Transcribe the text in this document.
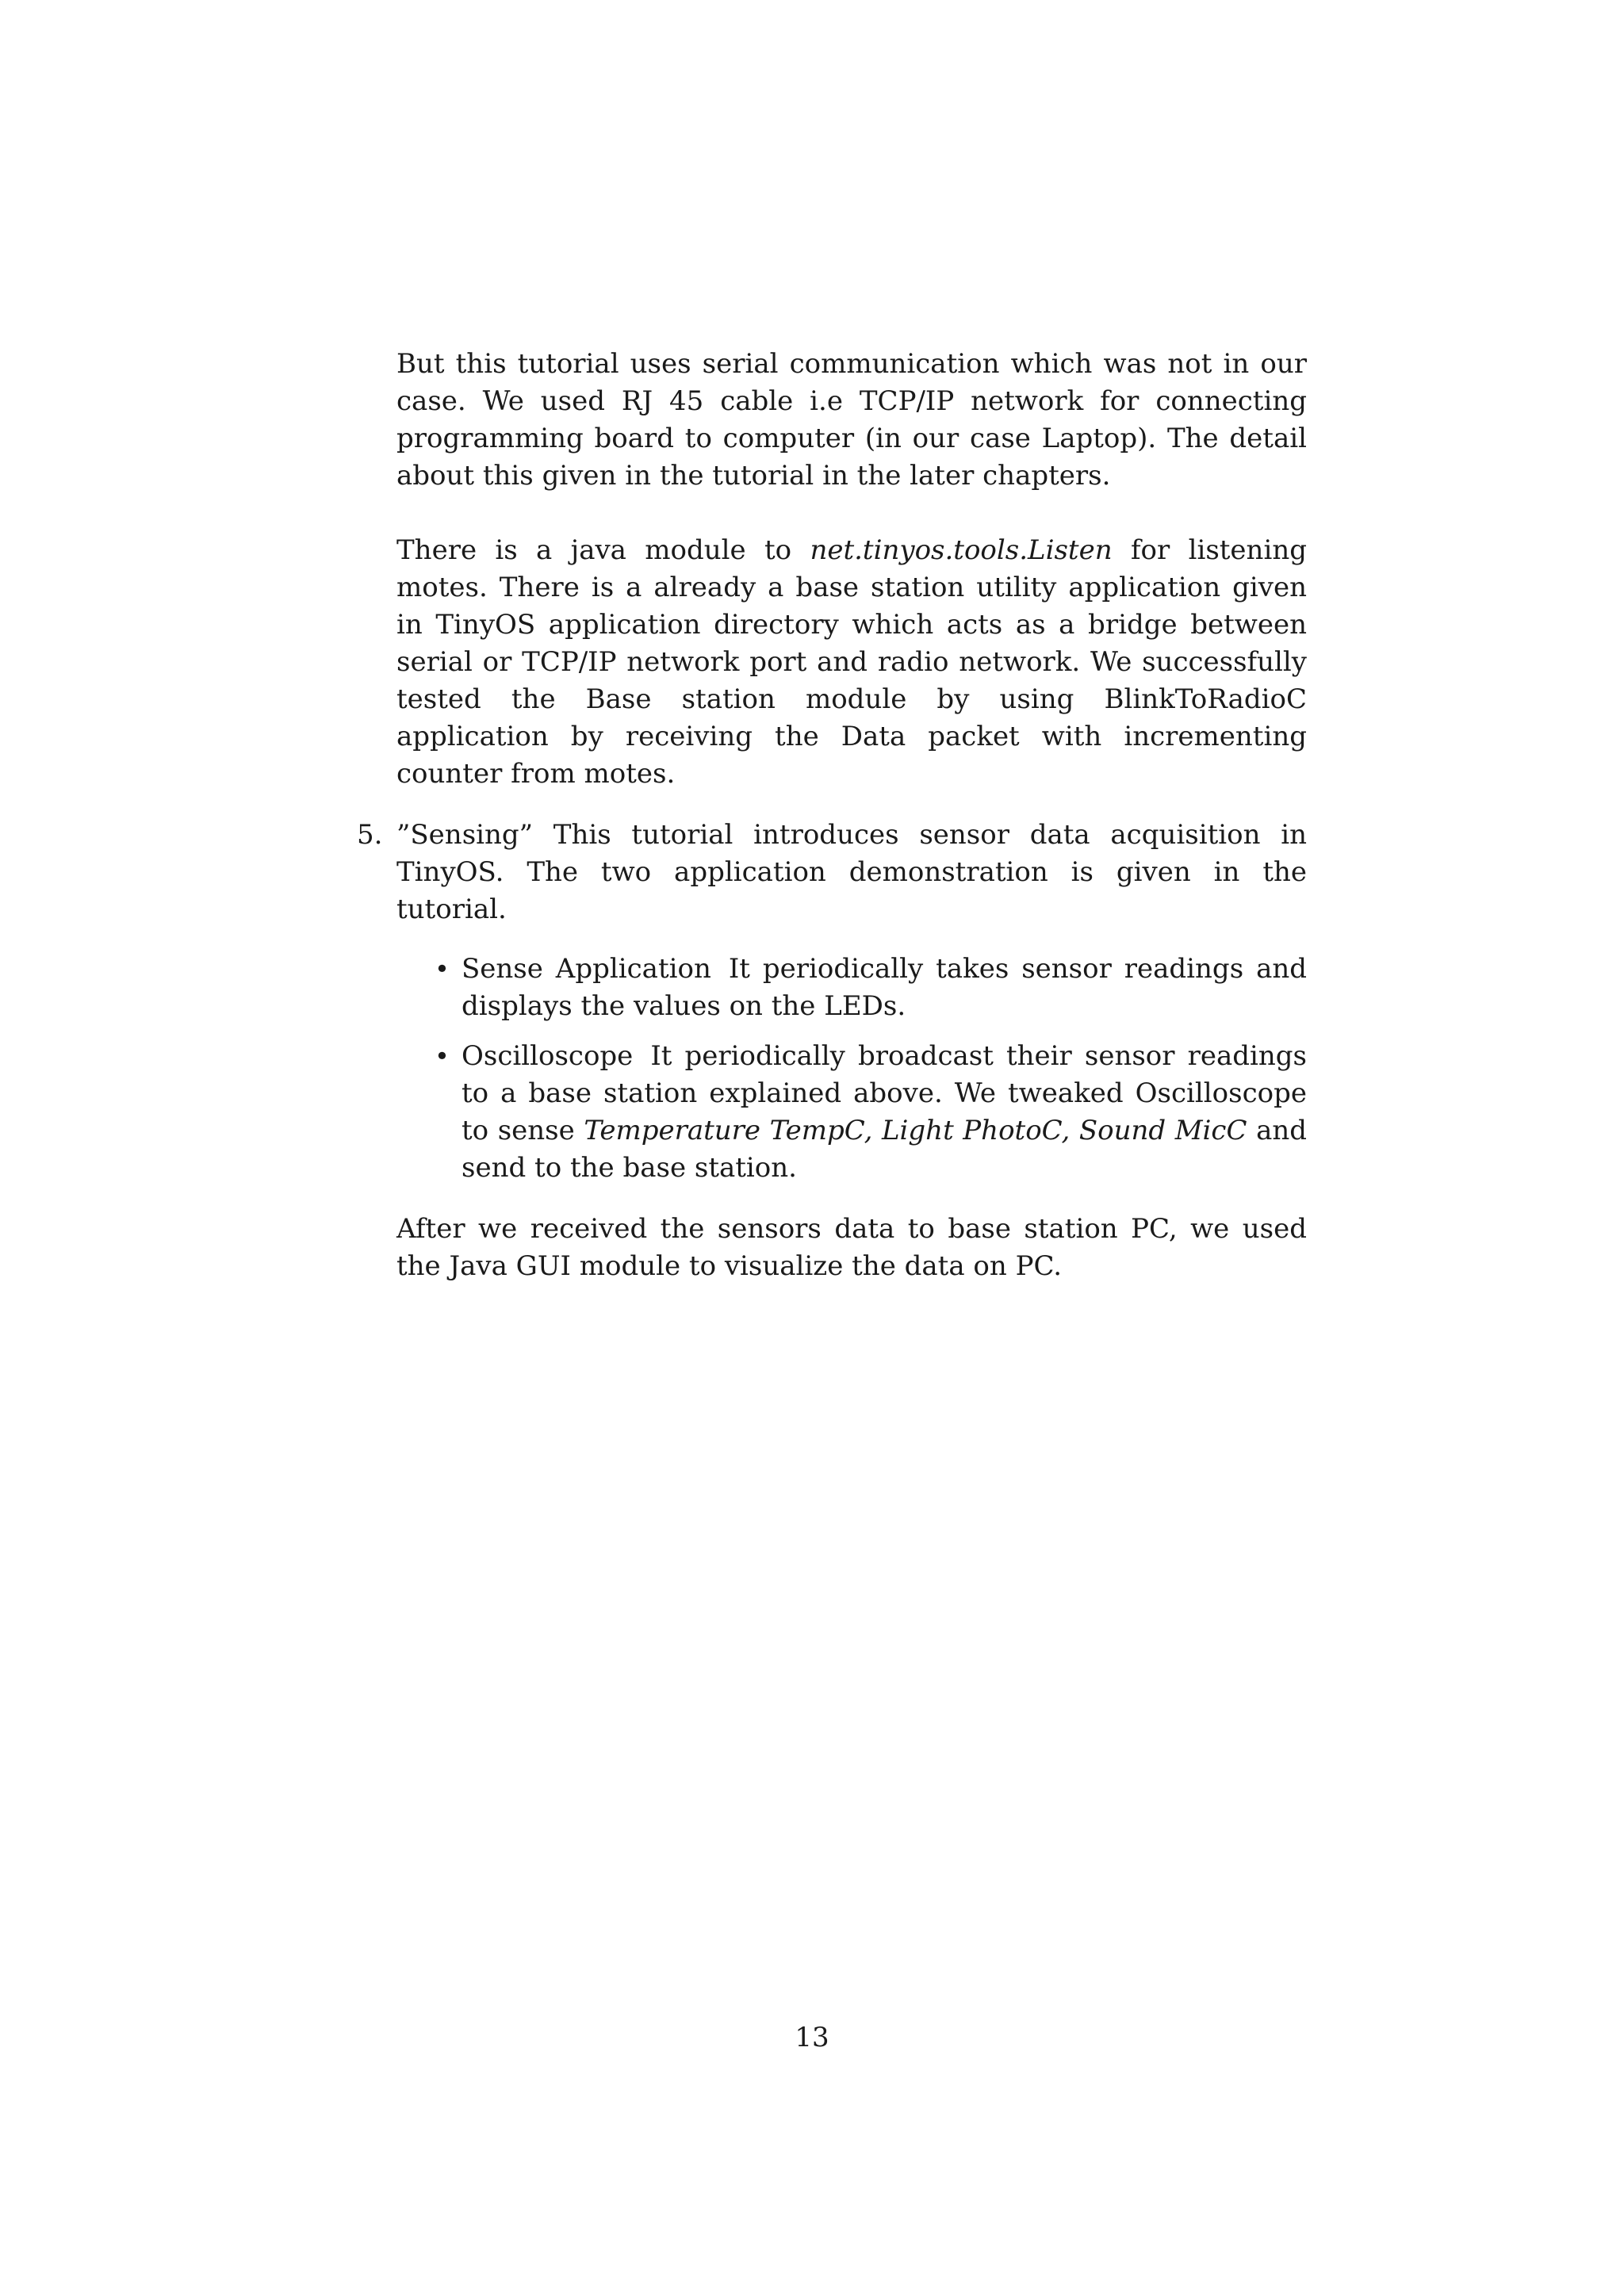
But this tutorial uses serial communication which was not in our case. We used RJ 45 cable i.e TCP/IP network for connecting programming board to computer (in our case Laptop). The detail about this given in the tutorial in the later chapters.

There is a java module to net.tinyos.tools.Listen for listening motes. There is a already a base station utility application given in TinyOS application directory which acts as a bridge between serial or TCP/IP network port and radio network. We successfully tested the Base station module by using BlinkToRadioC application by receiving the Data packet with incrementing counter from motes.

5. ”Sensing” This tutorial introduces sensor data acquisition in TinyOS. The two application demonstration is given in the tutorial.

• Sense Application It periodically takes sensor readings and displays the values on the LEDs.
• Oscilloscope It periodically broadcast their sensor readings to a base station explained above. We tweaked Oscilloscope to sense Temperature TempC, Light PhotoC, Sound MicC and send to the base station.

After we received the sensors data to base station PC, we used the Java GUI module to visualize the data on PC.

13
